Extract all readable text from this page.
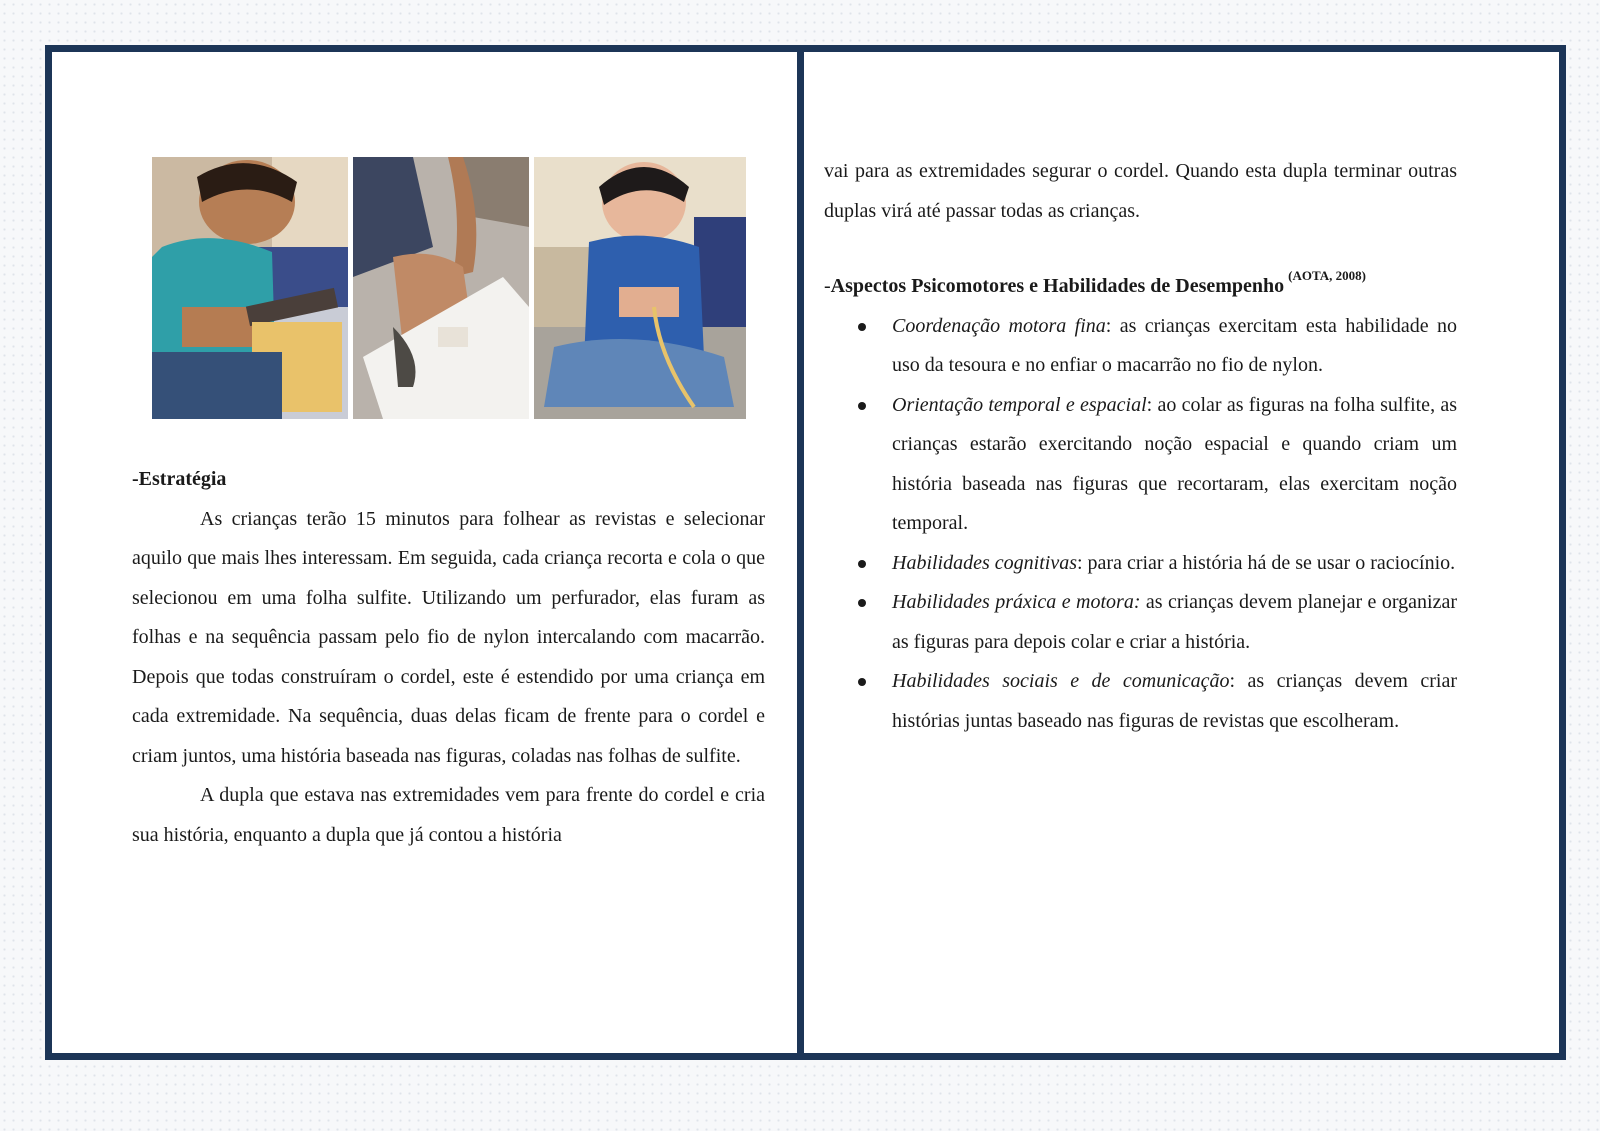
-Estratégia

As crianças terão 15 minutos para folhear as revistas e selecionar aquilo que mais lhes interessam. Em seguida, cada criança recorta e cola o que selecionou em uma folha sulfite. Utilizando um perfurador, elas furam as folhas e na sequência passam pelo fio de nylon intercalando com macarrão. Depois que todas construíram o cordel, este é estendido por uma criança em cada extremidade. Na sequência, duas delas ficam de frente para o cordel e criam juntos, uma história baseada nas figuras, coladas nas folhas de sulfite.

A dupla que estava nas extremidades vem para frente do cordel e cria sua história, enquanto a dupla que já contou a história

vai para as extremidades segurar o cordel. Quando esta dupla terminar outras duplas virá até passar todas as crianças.

-Aspectos Psicomotores e Habilidades de Desempenho $^{(AOTA, 2008)}$

Coordenação motora fina: as crianças exercitam esta habilidade no uso da tesoura e no enfiar o macarrão no fio de nylon.
Orientação temporal e espacial: ao colar as figuras na folha sulfite, as crianças estarão exercitando noção espacial e quando criam um história baseada nas figuras que recortaram, elas exercitam noção temporal.
Habilidades cognitivas: para criar a história há de se usar o raciocínio.
Habilidades práxica e motora: as crianças devem planejar e organizar as figuras para depois colar e criar a história.
Habilidades sociais e de comunicação: as crianças devem criar histórias juntas baseado nas figuras de revistas que escolheram.
